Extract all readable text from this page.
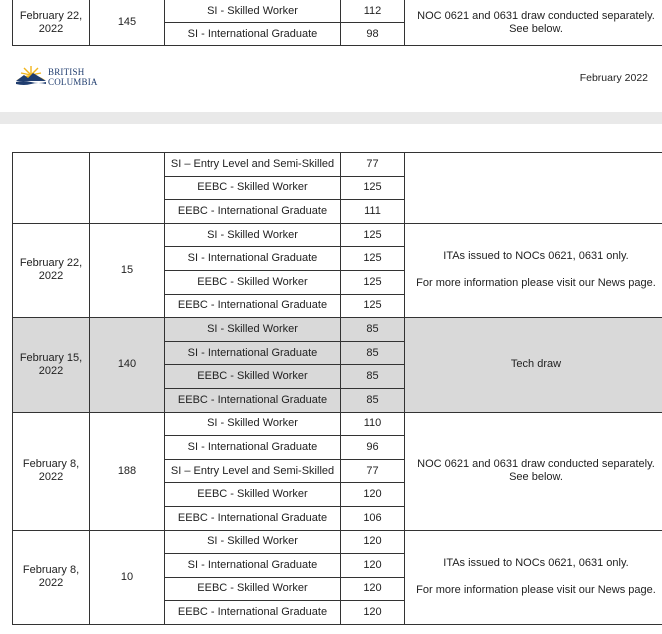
February 22, 2022	145	SI - Skilled Worker	112	NOC 0621 and 0631 draw conducted separately. See below.

		SI - International Graduate	98	
BRITISH
COLUMBIA	February 2022
		SI – Entry Level and Semi-Skilled	77	
		EEBC - Skilled Worker	125	
		EEBC - International Graduate	111	
February 22, 2022	15	SI - Skilled Worker	125	ITAs issued to NOCs 0621, 0631 only.

For more information please visit our News page.

		SI - International Graduate	125	
		EEBC - Skilled Worker	125	
		EEBC - International Graduate	125	
February 15, 2022	140	SI - Skilled Worker	85	Tech draw

		SI - International Graduate	85	
		EEBC - Skilled Worker	85	
		EEBC - International Graduate	85	
February 8, 2022	188	SI - Skilled Worker	110	NOC 0621 and 0631 draw conducted separately. See below.

		SI - International Graduate	96	
		SI – Entry Level and Semi-Skilled	77	
		EEBC - Skilled Worker	120	
		EEBC - International Graduate	106	
February 8, 2022	10	SI - Skilled Worker	120	ITAs issued to NOCs 0621, 0631 only.

For more information please visit our News page.

		SI - International Graduate	120	
		EEBC - Skilled Worker	120	
		EEBC - International Graduate	120	
